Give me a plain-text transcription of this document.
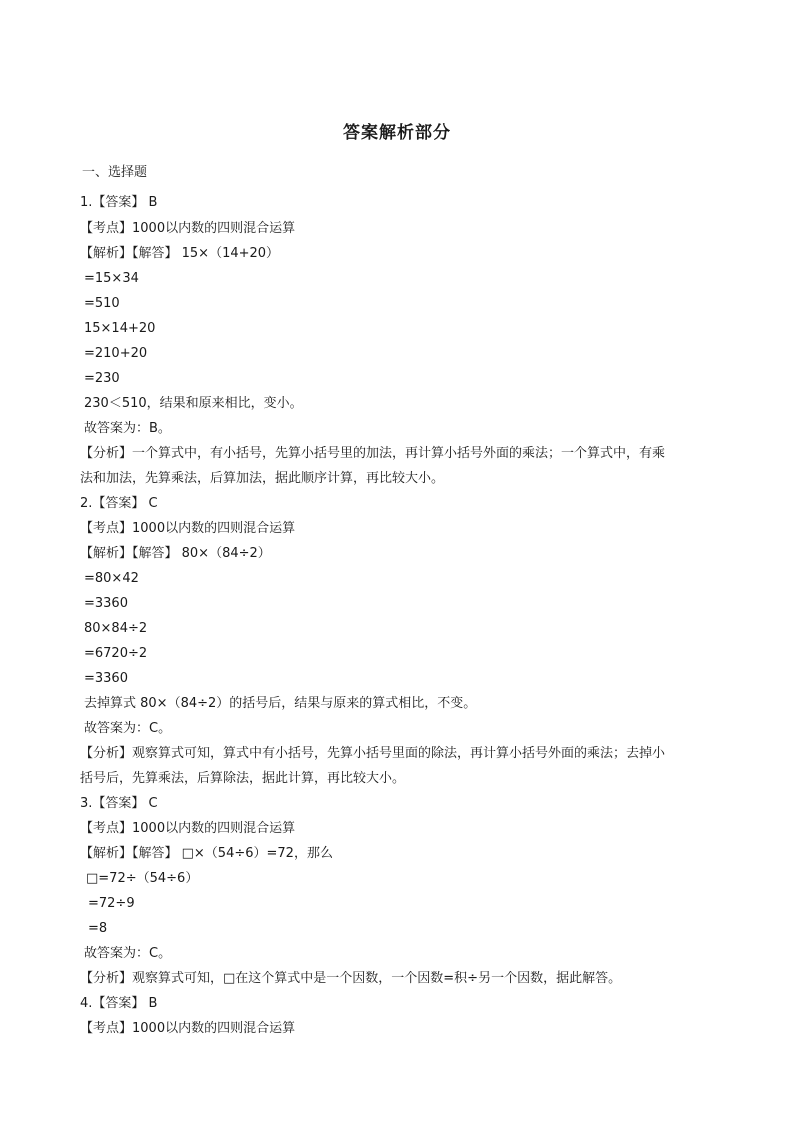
答案解析部分
一、选择题
1.【答案】 B
【考点】1000以内数的四则混合运算
【解析】【解答】 15×（14+20）
=15×34
=510
15×14+20
=210+20
=230
230＜510，结果和原来相比，变小。
故答案为：B。
【分析】一个算式中，有小括号，先算小括号里的加法，再计算小括号外面的乘法；一个算式中，有乘
法和加法，先算乘法，后算加法，据此顺序计算，再比较大小。
2.【答案】 C
【考点】1000以内数的四则混合运算
【解析】【解答】 80×（84÷2）
=80×42
=3360
80×84÷2
=6720÷2
=3360
去掉算式 80×（84÷2）的括号后，结果与原来的算式相比，不变。
故答案为：C。
【分析】观察算式可知，算式中有小括号，先算小括号里面的除法，再计算小括号外面的乘法；去掉小
括号后，先算乘法，后算除法，据此计算，再比较大小。
3.【答案】 C
【考点】1000以内数的四则混合运算
【解析】【解答】 □×（54÷6）=72，那么
□=72÷（54÷6）
=72÷9
=8
故答案为：C。
【分析】观察算式可知，□在这个算式中是一个因数，一个因数=积÷另一个因数，据此解答。
4.【答案】 B
【考点】1000以内数的四则混合运算
